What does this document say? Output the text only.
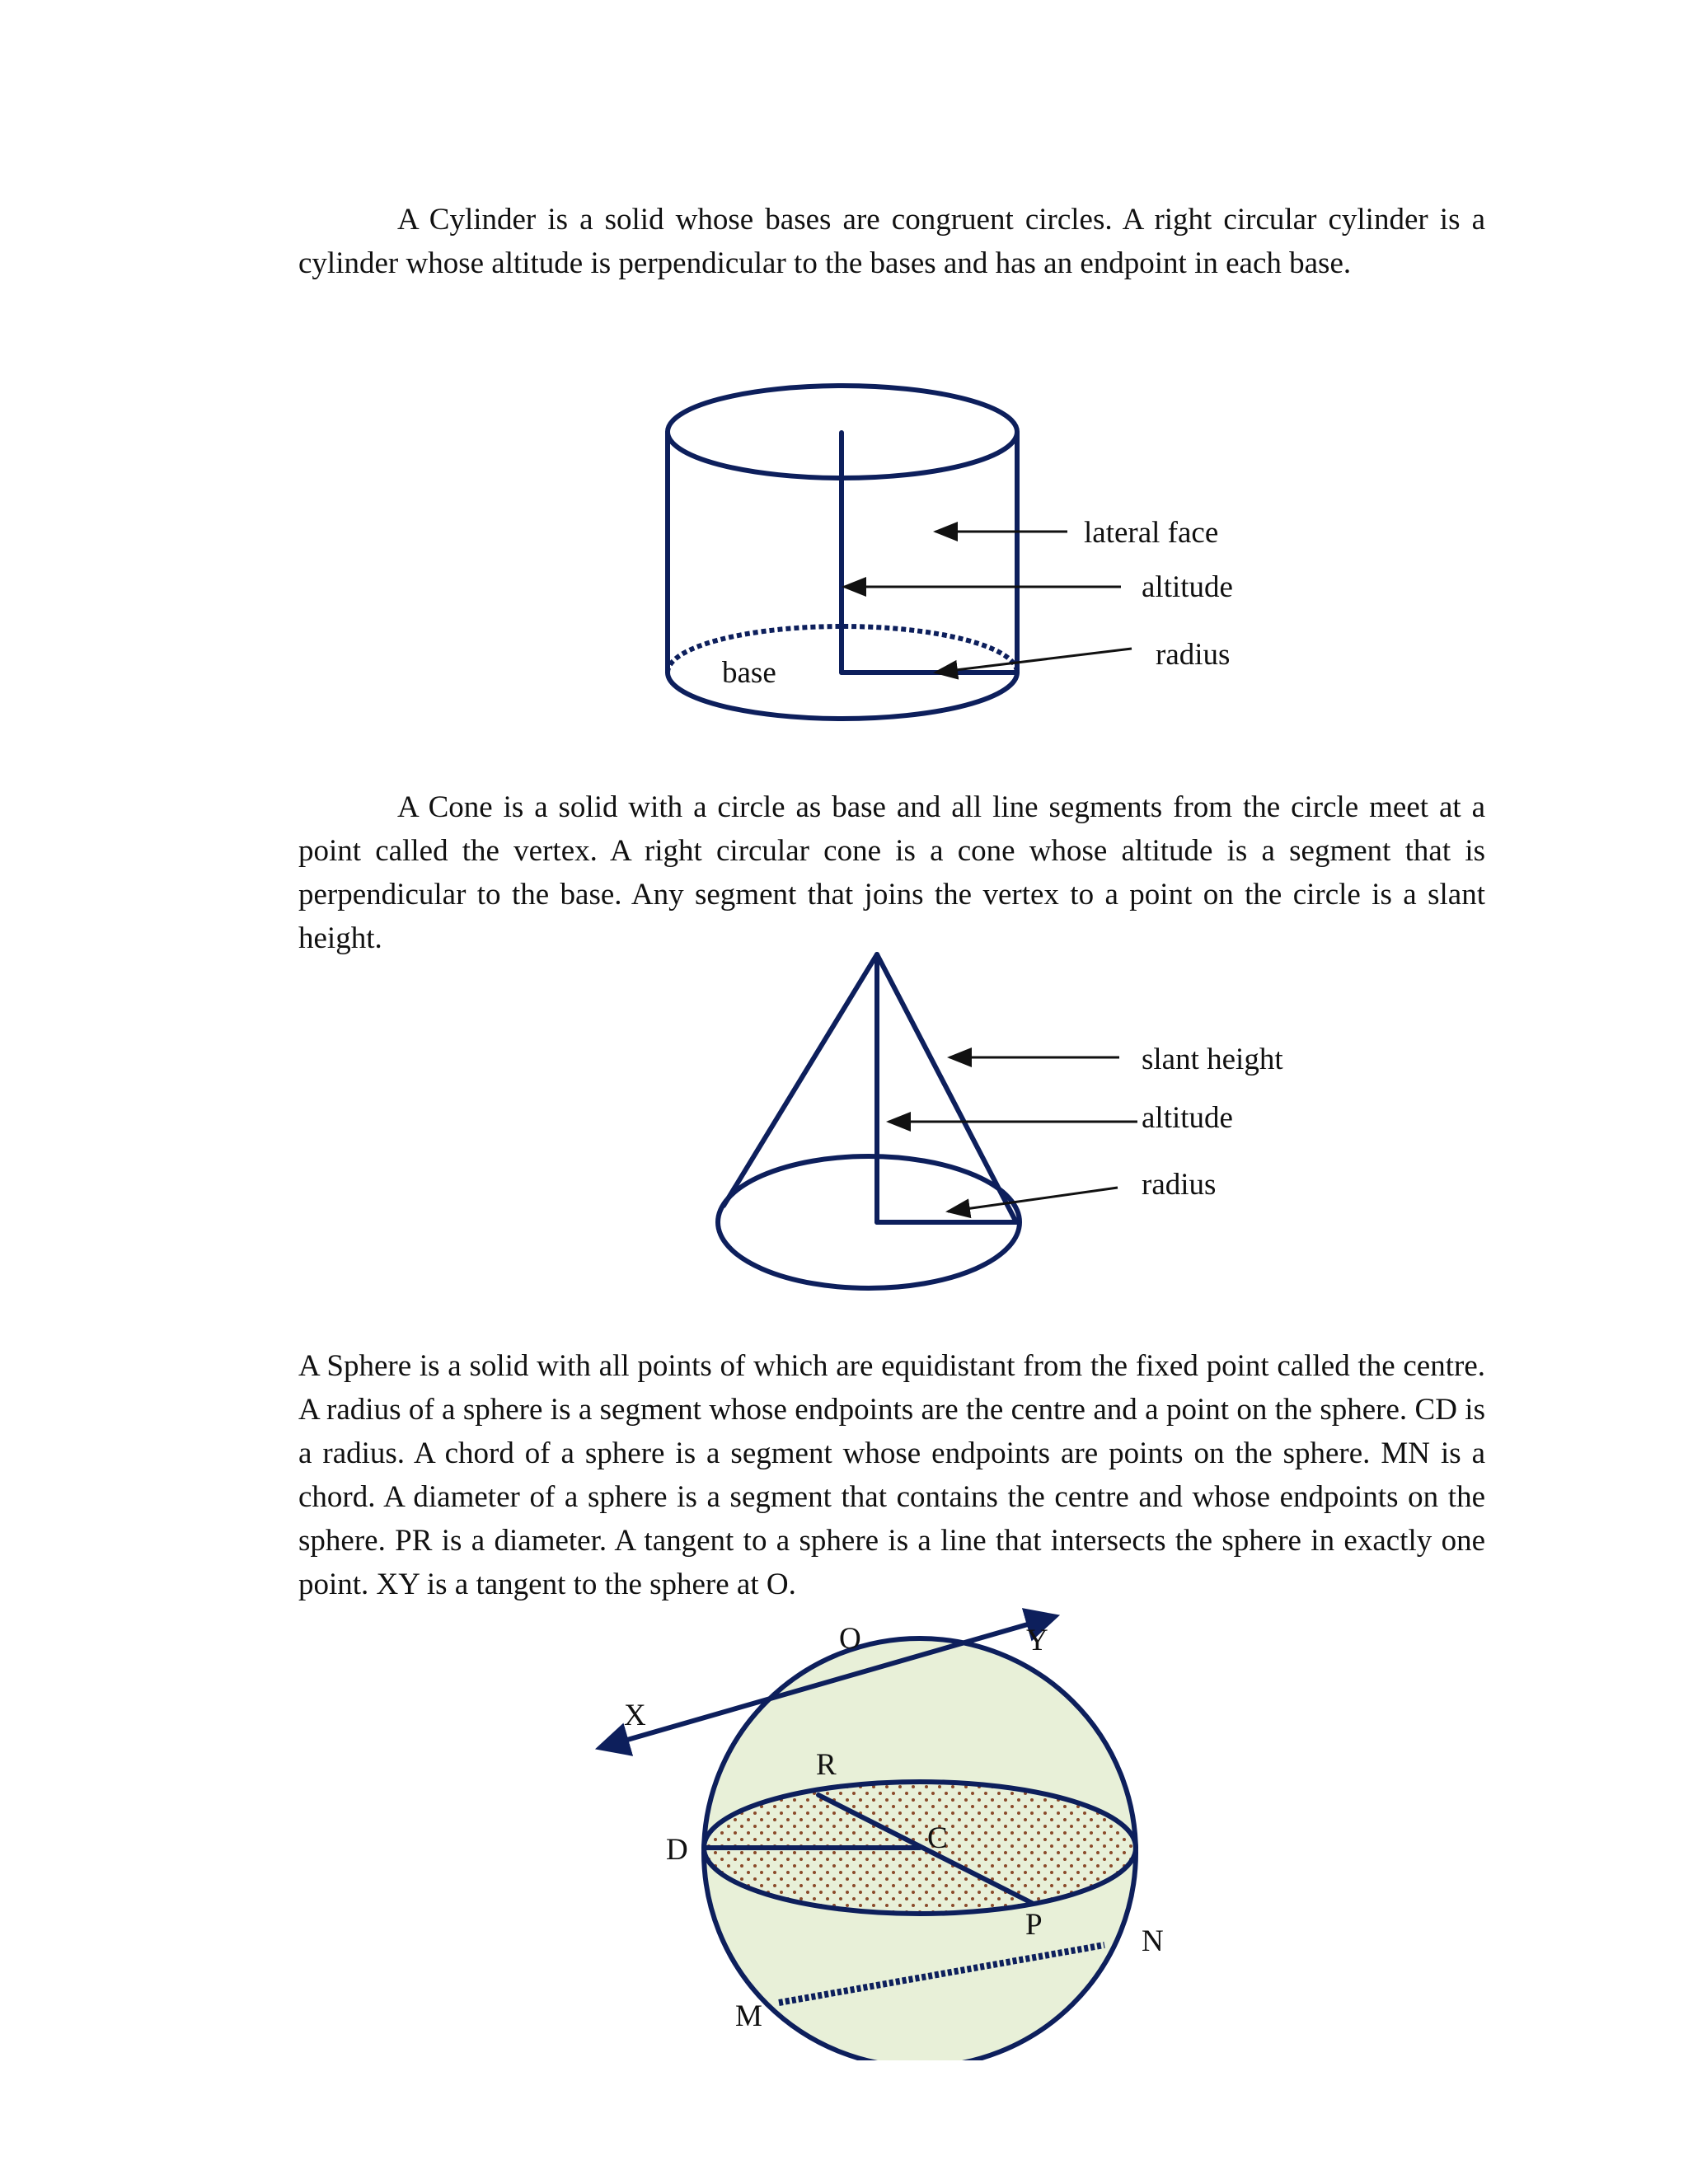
A Cylinder is a solid whose bases are congruent circles. A right circular cylinder is a cylinder whose altitude is perpendicular to the bases and has an endpoint in each base.

lateral face
altitude
radius
base

A Cone is a solid with a circle as base and all line segments from the circle meet at a point called the vertex. A right circular cone is a cone whose altitude is a segment that is perpendicular to the base. Any segment that joins the vertex to a point on the circle is a slant height.

slant height
altitude
radius

A Sphere is a solid with all points of which are equidistant from the fixed point called the centre. A radius of a sphere is a segment whose endpoints are the centre and a point on the sphere. CD is a radius. A chord of a sphere is a segment whose endpoints are points on the sphere. MN is a chord. A diameter of a sphere is a segment that contains the centre and whose endpoints on the sphere. PR is a diameter. A tangent to a sphere is a line that intersects the sphere in exactly one point. XY is a tangent to the sphere at O.

O	Y
X
R
C
D
P	N
M
